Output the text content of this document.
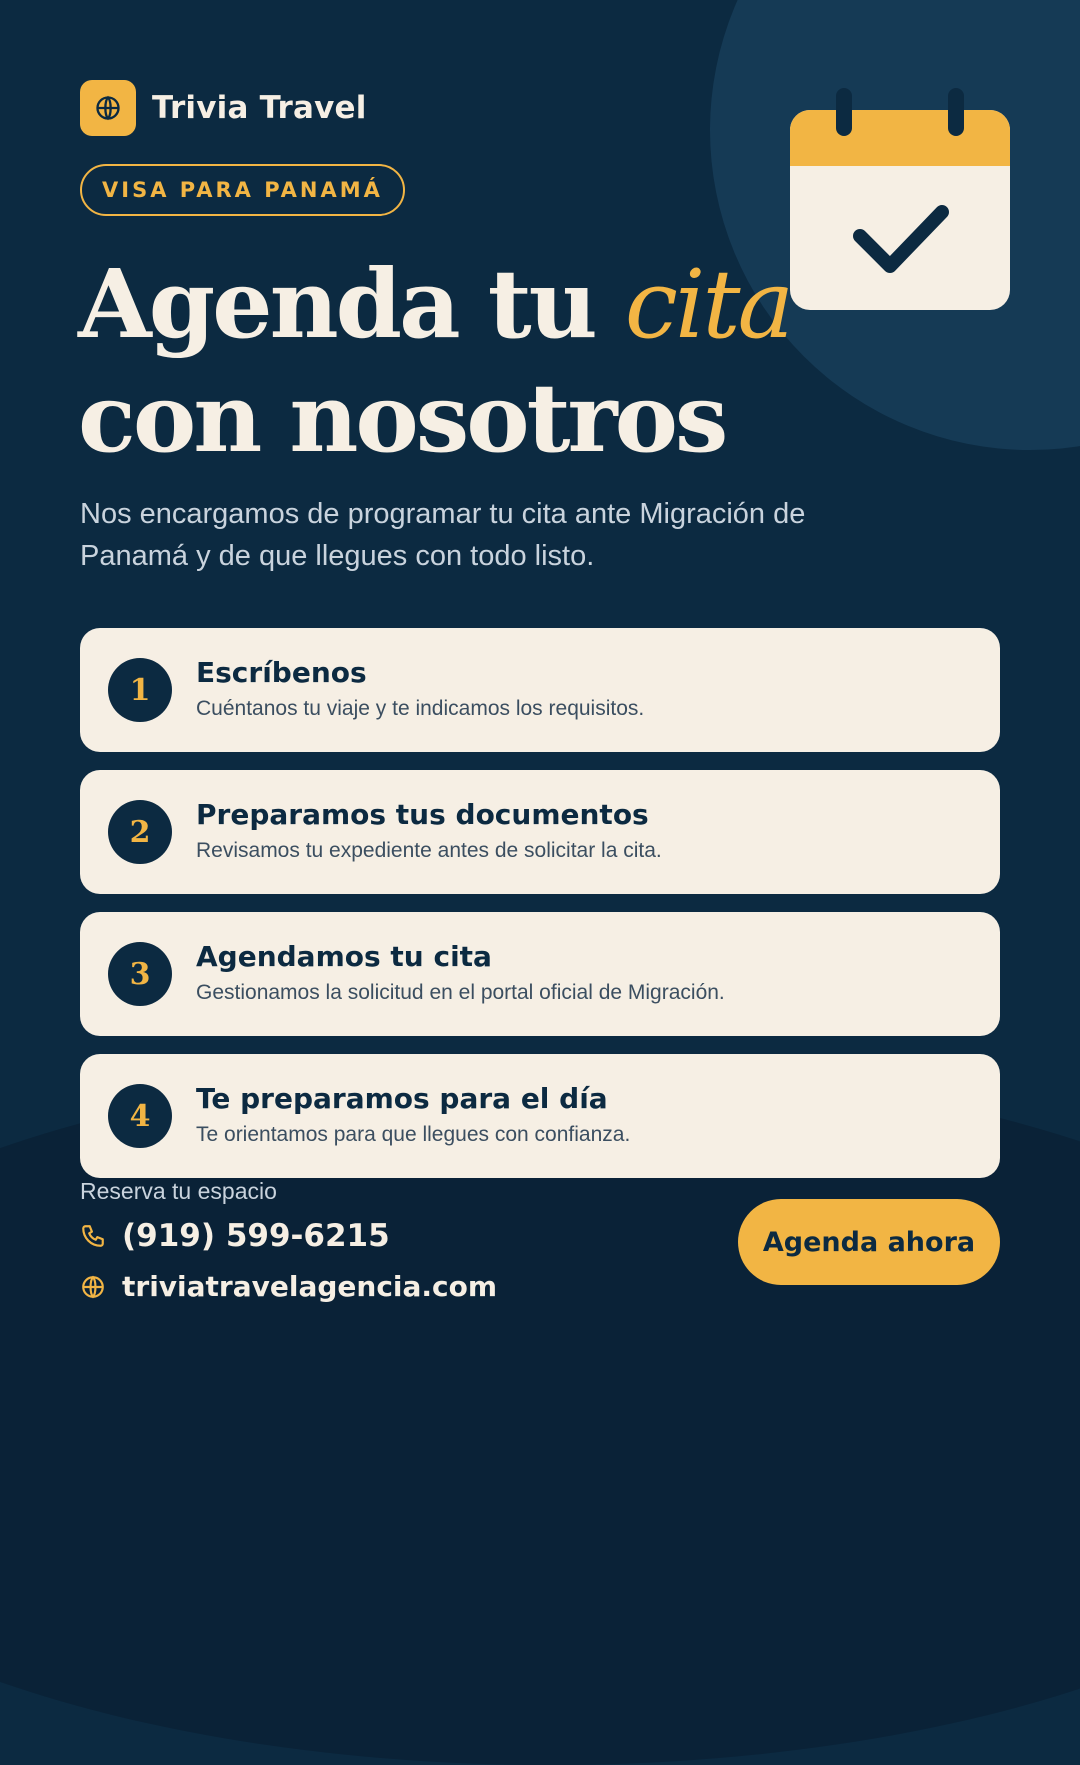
Trivia Travel
VISA PARA PANAMÁ
Agenda tu cita
con nosotros

Nos encargamos de programar tu cita ante Migración de Panamá y de que llegues con todo listo.

1	Escríbenos
Cuéntanos tu viaje y te indicamos los requisitos.
2	Preparamos tus documentos
Revisamos tu expediente antes de solicitar la cita.
3	Agendamos tu cita
Gestionamos la solicitud en el portal oficial de Migración.
4	Te preparamos para el día
Te orientamos para que llegues con confianza.
Reserva tu espacio
(919) 599-6215
triviatravelagencia.com
Agenda ahora
